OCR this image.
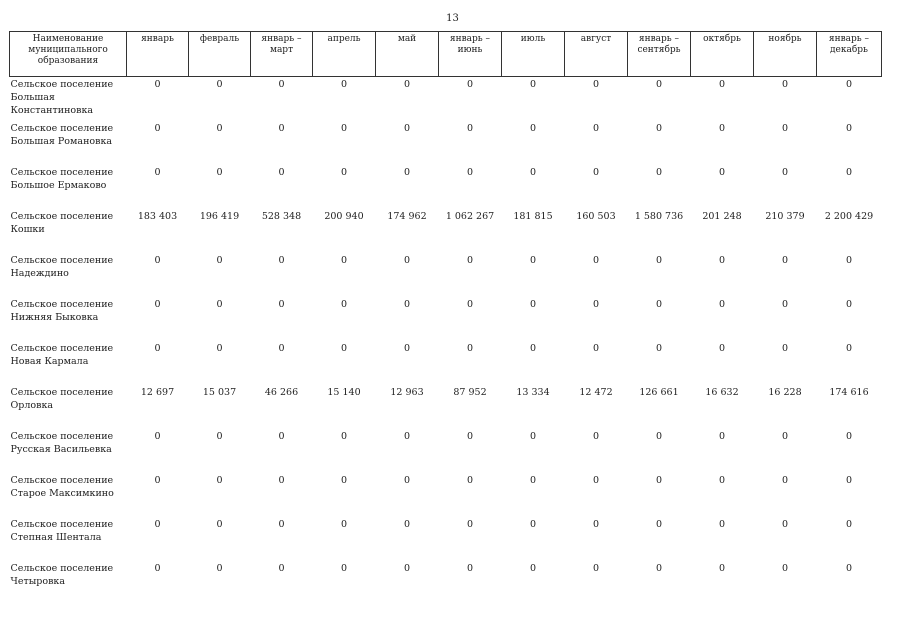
13
Наименование муниципального образования	январь	февраль	январь – март	апрель	май	январь – июнь	июль	август	январь – сентябрь	октябрь	ноябрь	январь – декабрь
Сельское поселение Большая Константиновка	0	0	0	0	0	0	0	0	0	0	0	0
Сельское поселение Большая Романовка	0	0	0	0	0	0	0	0	0	0	0	0
Сельское поселение Большое Ермаково	0	0	0	0	0	0	0	0	0	0	0	0
Сельское поселение Кошки	183 403	196 419	528 348	200 940	174 962	1 062 267	181 815	160 503	1 580 736	201 248	210 379	2 200 429
Сельское поселение Надеждино	0	0	0	0	0	0	0	0	0	0	0	0
Сельское поселение Нижняя Быковка	0	0	0	0	0	0	0	0	0	0	0	0
Сельское поселение Новая Кармала	0	0	0	0	0	0	0	0	0	0	0	0
Сельское поселение Орловка	12 697	15 037	46 266	15 140	12 963	87 952	13 334	12 472	126 661	16 632	16 228	174 616
Сельское поселение Русская Васильевка	0	0	0	0	0	0	0	0	0	0	0	0
Сельское поселение Старое Максимкино	0	0	0	0	0	0	0	0	0	0	0	0
Сельское поселение Степная Шентала	0	0	0	0	0	0	0	0	0	0	0	0
Сельское поселение Четыровка	0	0	0	0	0	0	0	0	0	0	0	0
